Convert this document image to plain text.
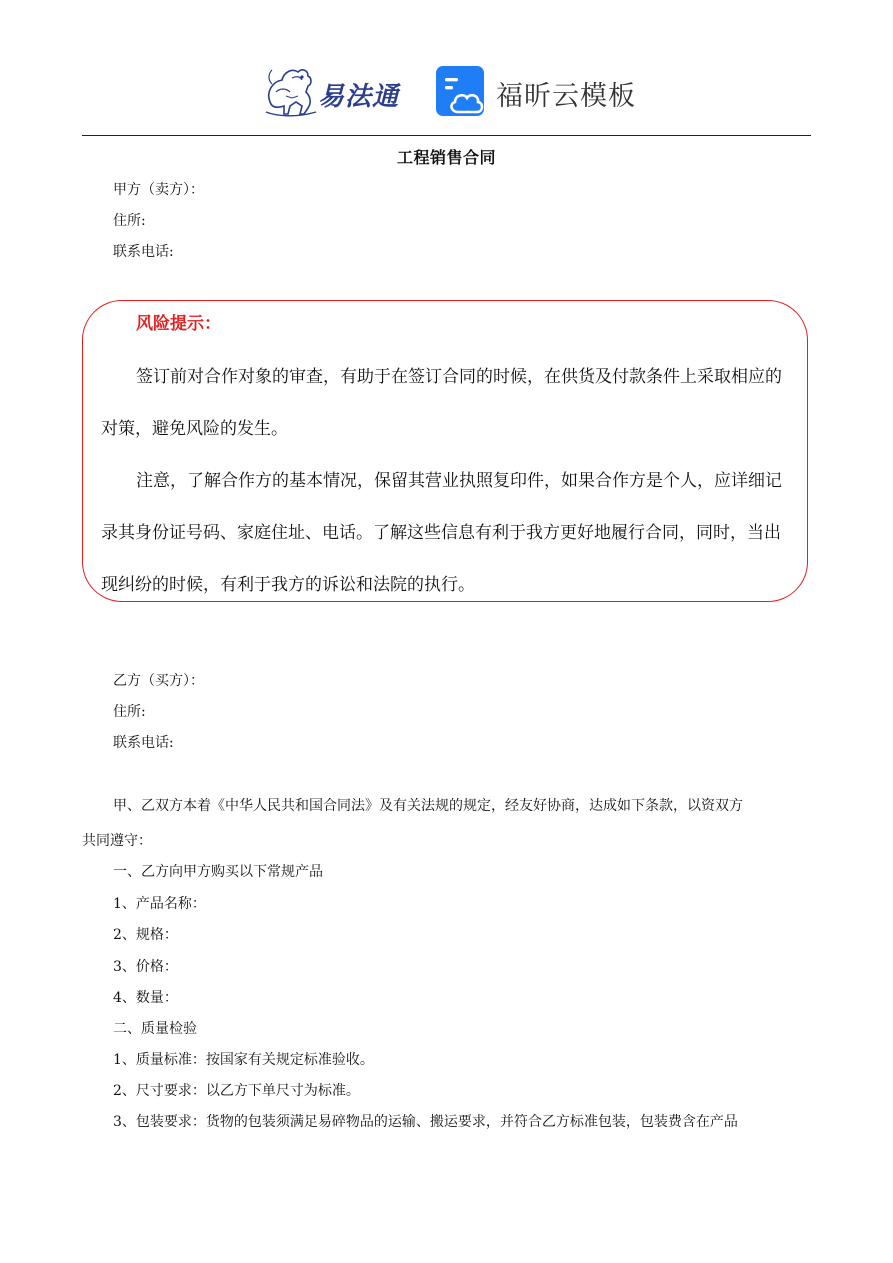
易法通	福昕云模板
工程销售合同
甲方（卖方）：
住所:
联系电话:
风险提示：
签订前对合作对象的审查，有助于在签订合同的时候，在供货及付款条件上采取相应的
对策，避免风险的发生。
注意，了解合作方的基本情况，保留其营业执照复印件，如果合作方是个人，应详细记
录其身份证号码、家庭住址、电话。了解这些信息有利于我方更好地履行合同，同时，当出
现纠纷的时候，有利于我方的诉讼和法院的执行。
乙方（买方）：
住所:
联系电话:
甲、乙双方本着《中华人民共和国合同法》及有关法规的规定，经友好协商，达成如下条款，以资双方
共同遵守：
一、乙方向甲方购买以下常规产品
1、产品名称：
2、规格：
3、价格：
4、数量：
二、质量检验
1、质量标准：按国家有关规定标准验收。
2、尺寸要求：以乙方下单尺寸为标准。
3、包装要求：货物的包装须满足易碎物品的运输、搬运要求，并符合乙方标准包装，包装费含在产品
